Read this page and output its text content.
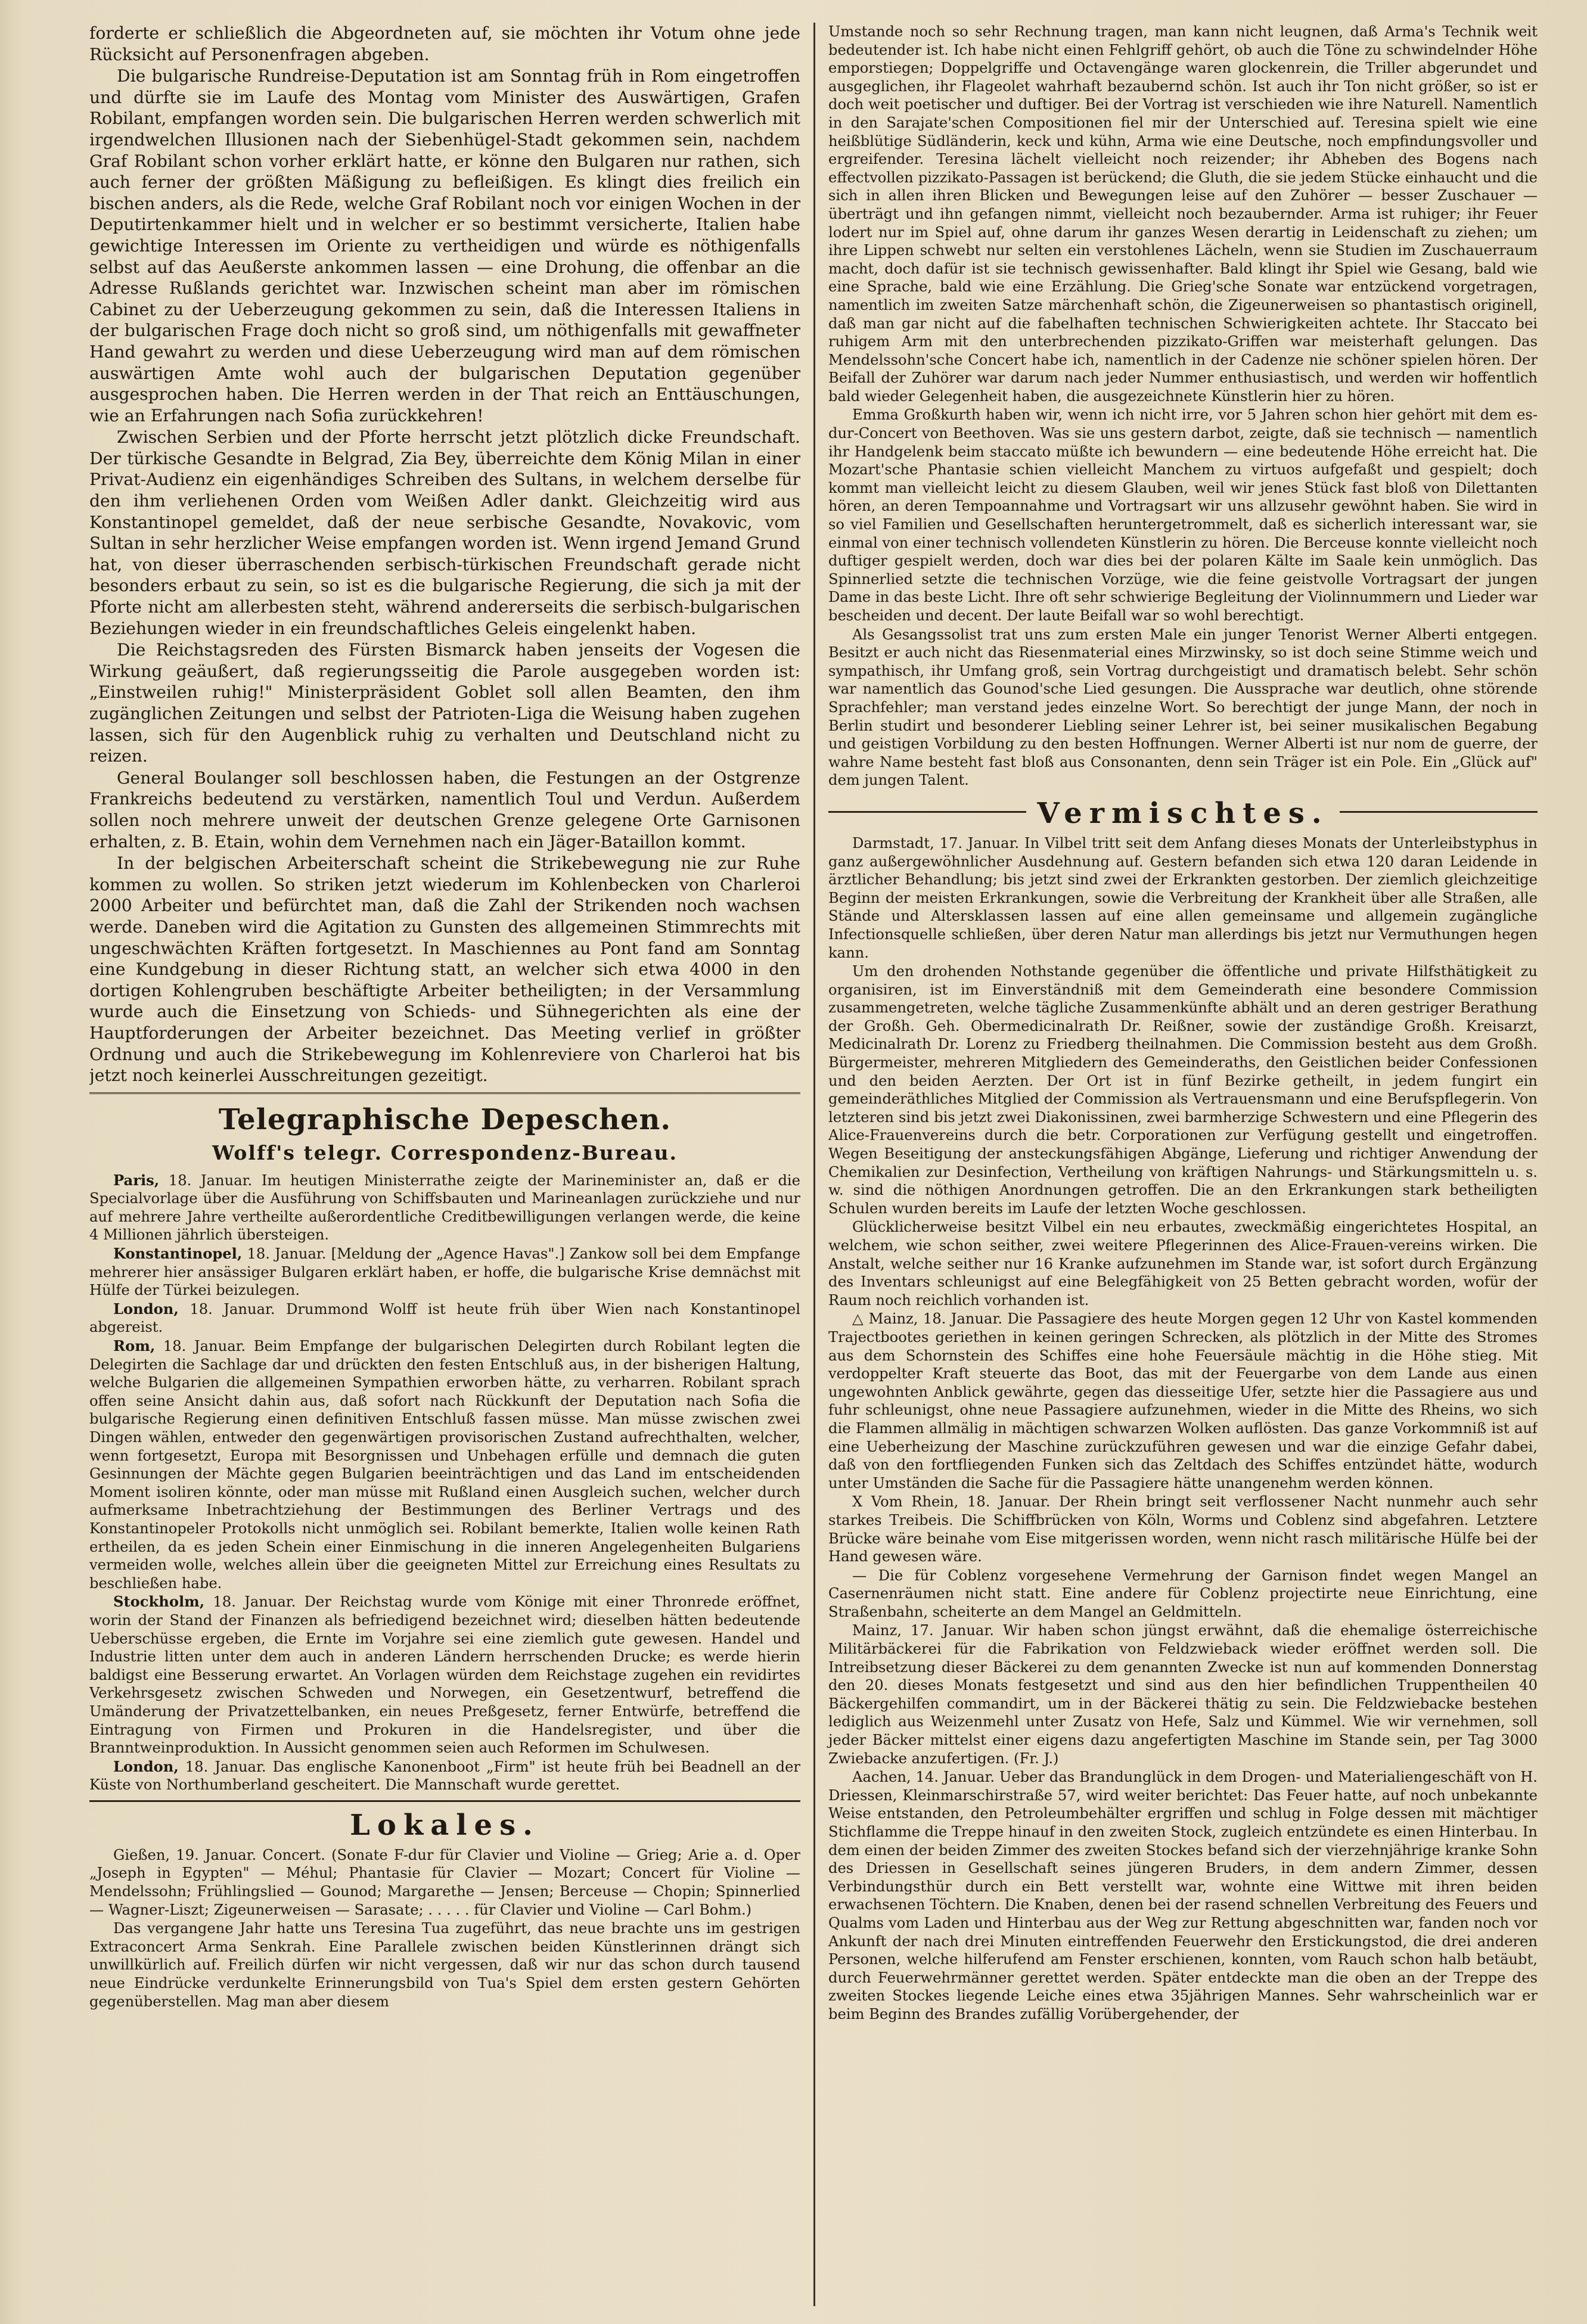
forderte er schließlich die Abgeordneten auf, sie möchten ihr Votum ohne jede Rücksicht auf Personenfragen abgeben.

Die bulgarische Rundreise-Deputation ist am Sonntag früh in Rom eingetroffen und dürfte sie im Laufe des Montag vom Minister des Auswärtigen, Grafen Robilant, empfangen worden sein. Die bulgarischen Herren werden schwerlich mit irgendwelchen Illusionen nach der Siebenhügel-Stadt gekommen sein, nachdem Graf Robilant schon vorher erklärt hatte, er könne den Bulgaren nur rathen, sich auch ferner der größten Mäßigung zu befleißigen. Es klingt dies freilich ein bischen anders, als die Rede, welche Graf Robilant noch vor einigen Wochen in der Deputirtenkammer hielt und in welcher er so bestimmt versicherte, Italien habe gewichtige Interessen im Oriente zu vertheidigen und würde es nöthigenfalls selbst auf das Aeußerste ankommen lassen — eine Drohung, die offenbar an die Adresse Rußlands gerichtet war. Inzwischen scheint man aber im römischen Cabinet zu der Ueberzeugung gekommen zu sein, daß die Interessen Italiens in der bulgarischen Frage doch nicht so groß sind, um nöthigenfalls mit gewaffneter Hand gewahrt zu werden und diese Ueberzeugung wird man auf dem römischen auswärtigen Amte wohl auch der bulgarischen Deputation gegenüber ausgesprochen haben. Die Herren werden in der That reich an Enttäuschungen, wie an Erfahrungen nach Sofia zurückkehren!

Zwischen Serbien und der Pforte herrscht jetzt plötzlich dicke Freundschaft. Der türkische Gesandte in Belgrad, Zia Bey, überreichte dem König Milan in einer Privat-Audienz ein eigenhändiges Schreiben des Sultans, in welchem derselbe für den ihm verliehenen Orden vom Weißen Adler dankt. Gleichzeitig wird aus Konstantinopel gemeldet, daß der neue serbische Gesandte, Novakovic, vom Sultan in sehr herzlicher Weise empfangen worden ist. Wenn irgend Jemand Grund hat, von dieser überraschenden serbisch-türkischen Freundschaft gerade nicht besonders erbaut zu sein, so ist es die bulgarische Regierung, die sich ja mit der Pforte nicht am allerbesten steht, während andererseits die serbisch-bulgarischen Beziehungen wieder in ein freundschaftliches Geleis eingelenkt haben.

Die Reichstagsreden des Fürsten Bismarck haben jenseits der Vogesen die Wirkung geäußert, daß regierungsseitig die Parole ausgegeben worden ist: „Einstweilen ruhig!" Ministerpräsident Goblet soll allen Beamten, den ihm zugänglichen Zeitungen und selbst der Patrioten-Liga die Weisung haben zugehen lassen, sich für den Augenblick ruhig zu verhalten und Deutschland nicht zu reizen.

General Boulanger soll beschlossen haben, die Festungen an der Ostgrenze Frankreichs bedeutend zu verstärken, namentlich Toul und Verdun. Außerdem sollen noch mehrere unweit der deutschen Grenze gelegene Orte Garnisonen erhalten, z. B. Etain, wohin dem Vernehmen nach ein Jäger-Bataillon kommt.

In der belgischen Arbeiterschaft scheint die Strikebewegung nie zur Ruhe kommen zu wollen. So striken jetzt wiederum im Kohlenbecken von Charleroi 2000 Arbeiter und befürchtet man, daß die Zahl der Strikenden noch wachsen werde. Daneben wird die Agitation zu Gunsten des allgemeinen Stimmrechts mit ungeschwächten Kräften fortgesetzt. In Maschiennes au Pont fand am Sonntag eine Kundgebung in dieser Richtung statt, an welcher sich etwa 4000 in den dortigen Kohlengruben beschäftigte Arbeiter betheiligten; in der Versammlung wurde auch die Einsetzung von Schieds- und Sühnegerichten als eine der Hauptforderungen der Arbeiter bezeichnet. Das Meeting verlief in größter Ordnung und auch die Strikebewegung im Kohlenreviere von Charleroi hat bis jetzt noch keinerlei Ausschreitungen gezeitigt.

Telegraphische Depeschen.
Wolff's telegr. Correspondenz-Bureau.

Paris, 18. Januar. Im heutigen Ministerrathe zeigte der Marineminister an, daß er die Specialvorlage über die Ausführung von Schiffsbauten und Marineanlagen zurückziehe und nur auf mehrere Jahre vertheilte außerordentliche Creditbewilligungen verlangen werde, die keine 4 Millionen jährlich übersteigen.

Konstantinopel, 18. Januar. [Meldung der „Agence Havas".] Zankow soll bei dem Empfange mehrerer hier ansässiger Bulgaren erklärt haben, er hoffe, die bulgarische Krise demnächst mit Hülfe der Türkei beizulegen.

London, 18. Januar. Drummond Wolff ist heute früh über Wien nach Konstantinopel abgereist.

Rom, 18. Januar. Beim Empfange der bulgarischen Delegirten durch Robilant legten die Delegirten die Sachlage dar und drückten den festen Entschluß aus, in der bisherigen Haltung, welche Bulgarien die allgemeinen Sympathien erworben hätte, zu verharren. Robilant sprach offen seine Ansicht dahin aus, daß sofort nach Rückkunft der Deputation nach Sofia die bulgarische Regierung einen definitiven Entschluß fassen müsse. Man müsse zwischen zwei Dingen wählen, entweder den gegenwärtigen provisorischen Zustand aufrechthalten, welcher, wenn fortgesetzt, Europa mit Besorgnissen und Unbehagen erfülle und demnach die guten Gesinnungen der Mächte gegen Bulgarien beeinträchtigen und das Land im entscheidenden Moment isoliren könnte, oder man müsse mit Rußland einen Ausgleich suchen, welcher durch aufmerksame Inbetrachtziehung der Bestimmungen des Berliner Vertrags und des Konstantinopeler Protokolls nicht unmöglich sei. Robilant bemerkte, Italien wolle keinen Rath ertheilen, da es jeden Schein einer Einmischung in die inneren Angelegenheiten Bulgariens vermeiden wolle, welches allein über die geeigneten Mittel zur Erreichung eines Resultats zu beschließen habe.

Stockholm, 18. Januar. Der Reichstag wurde vom Könige mit einer Thronrede eröffnet, worin der Stand der Finanzen als befriedigend bezeichnet wird; dieselben hätten bedeutende Ueberschüsse ergeben, die Ernte im Vorjahre sei eine ziemlich gute gewesen. Handel und Industrie litten unter dem auch in anderen Ländern herrschenden Drucke; es werde hierin baldigst eine Besserung erwartet. An Vorlagen würden dem Reichstage zugehen ein revidirtes Verkehrsgesetz zwischen Schweden und Norwegen, ein Gesetzentwurf, betreffend die Umänderung der Privatzettelbanken, ein neues Preßgesetz, ferner Entwürfe, betreffend die Eintragung von Firmen und Prokuren in die Handelsregister, und über die Branntweinproduktion. In Aussicht genommen seien auch Reformen im Schulwesen.

London, 18. Januar. Das englische Kanonenboot „Firm" ist heute früh bei Beadnell an der Küste von Northumberland gescheitert. Die Mannschaft wurde gerettet.

Lokales.

Gießen, 19. Januar. Concert. (Sonate F-dur für Clavier und Violine — Grieg; Arie a. d. Oper „Joseph in Egypten" — Méhul; Phantasie für Clavier — Mozart; Concert für Violine — Mendelssohn; Frühlingslied — Gounod; Margarethe — Jensen; Berceuse — Chopin; Spinnerlied — Wagner-Liszt; Zigeunerweisen — Sarasate; . . . . . für Clavier und Violine — Carl Bohm.)

Das vergangene Jahr hatte uns Teresina Tua zugeführt, das neue brachte uns im gestrigen Extraconcert Arma Senkrah. Eine Parallele zwischen beiden Künstlerinnen drängt sich unwillkürlich auf. Freilich dürfen wir nicht vergessen, daß wir nur das schon durch tausend neue Eindrücke verdunkelte Erinnerungsbild von Tua's Spiel dem ersten gestern Gehörten gegenüberstellen. Mag man aber diesem

Umstande noch so sehr Rechnung tragen, man kann nicht leugnen, daß Arma's Technik weit bedeutender ist. Ich habe nicht einen Fehlgriff gehört, ob auch die Töne zu schwindelnder Höhe emporstiegen; Doppelgriffe und Octavengänge waren glockenrein, die Triller abgerundet und ausgeglichen, ihr Flageolet wahrhaft bezaubernd schön. Ist auch ihr Ton nicht größer, so ist er doch weit poetischer und duftiger. Bei der Vortrag ist verschieden wie ihre Naturell. Namentlich in den Sarajate'schen Compositionen fiel mir der Unterschied auf. Teresina spielt wie eine heißblütige Südländerin, keck und kühn, Arma wie eine Deutsche, noch empfindungsvoller und ergreifender. Teresina lächelt vielleicht noch reizender; ihr Abheben des Bogens nach effectvollen pizzikato-Passagen ist berückend; die Gluth, die sie jedem Stücke einhaucht und die sich in allen ihren Blicken und Bewegungen leise auf den Zuhörer — besser Zuschauer — überträgt und ihn gefangen nimmt, vielleicht noch bezaubernder. Arma ist ruhiger; ihr Feuer lodert nur im Spiel auf, ohne darum ihr ganzes Wesen derartig in Leidenschaft zu ziehen; um ihre Lippen schwebt nur selten ein verstohlenes Lächeln, wenn sie Studien im Zuschauerraum macht, doch dafür ist sie technisch gewissenhafter. Bald klingt ihr Spiel wie Gesang, bald wie eine Sprache, bald wie eine Erzählung. Die Grieg'sche Sonate war entzückend vorgetragen, namentlich im zweiten Satze märchenhaft schön, die Zigeunerweisen so phantastisch originell, daß man gar nicht auf die fabelhaften technischen Schwierigkeiten achtete. Ihr Staccato bei ruhigem Arm mit den unterbrechenden pizzikato-Griffen war meisterhaft gelungen. Das Mendelssohn'sche Concert habe ich, namentlich in der Cadenze nie schöner spielen hören. Der Beifall der Zuhörer war darum nach jeder Nummer enthusiastisch, und werden wir hoffentlich bald wieder Gelegenheit haben, die ausgezeichnete Künstlerin hier zu hören.

Emma Großkurth haben wir, wenn ich nicht irre, vor 5 Jahren schon hier gehört mit dem es-dur-Concert von Beethoven. Was sie uns gestern darbot, zeigte, daß sie technisch — namentlich ihr Handgelenk beim staccato müßte ich bewundern — eine bedeutende Höhe erreicht hat. Die Mozart'sche Phantasie schien vielleicht Manchem zu virtuos aufgefaßt und gespielt; doch kommt man vielleicht leicht zu diesem Glauben, weil wir jenes Stück fast bloß von Dilettanten hören, an deren Tempoannahme und Vortragsart wir uns allzusehr gewöhnt haben. Sie wird in so viel Familien und Gesellschaften heruntergetrommelt, daß es sicherlich interessant war, sie einmal von einer technisch vollendeten Künstlerin zu hören. Die Berceuse konnte vielleicht noch duftiger gespielt werden, doch war dies bei der polaren Kälte im Saale kein unmöglich. Das Spinnerlied setzte die technischen Vorzüge, wie die feine geistvolle Vortragsart der jungen Dame in das beste Licht. Ihre oft sehr schwierige Begleitung der Violinnummern und Lieder war bescheiden und decent. Der laute Beifall war so wohl berechtigt.

Als Gesangssolist trat uns zum ersten Male ein junger Tenorist Werner Alberti entgegen. Besitzt er auch nicht das Riesenmaterial eines Mirzwinsky, so ist doch seine Stimme weich und sympathisch, ihr Umfang groß, sein Vortrag durchgeistigt und dramatisch belebt. Sehr schön war namentlich das Gounod'sche Lied gesungen. Die Aussprache war deutlich, ohne störende Sprachfehler; man verstand jedes einzelne Wort. So berechtigt der junge Mann, der noch in Berlin studirt und besonderer Liebling seiner Lehrer ist, bei seiner musikalischen Begabung und geistigen Vorbildung zu den besten Hoffnungen. Werner Alberti ist nur nom de guerre, der wahre Name besteht fast bloß aus Consonanten, denn sein Träger ist ein Pole. Ein „Glück auf" dem jungen Talent.

Vermischtes.

Darmstadt, 17. Januar. In Vilbel tritt seit dem Anfang dieses Monats der Unterleibstyphus in ganz außergewöhnlicher Ausdehnung auf. Gestern befanden sich etwa 120 daran Leidende in ärztlicher Behandlung; bis jetzt sind zwei der Erkrankten gestorben. Der ziemlich gleichzeitige Beginn der meisten Erkrankungen, sowie die Verbreitung der Krankheit über alle Straßen, alle Stände und Altersklassen lassen auf eine allen gemeinsame und allgemein zugängliche Infectionsquelle schließen, über deren Natur man allerdings bis jetzt nur Vermuthungen hegen kann.

Um den drohenden Nothstande gegenüber die öffentliche und private Hilfsthätigkeit zu organisiren, ist im Einverständniß mit dem Gemeinderath eine besondere Commission zusammengetreten, welche tägliche Zusammenkünfte abhält und an deren gestriger Berathung der Großh. Geh. Obermedicinalrath Dr. Reißner, sowie der zuständige Großh. Kreisarzt, Medicinalrath Dr. Lorenz zu Friedberg theilnahmen. Die Commission besteht aus dem Großh. Bürgermeister, mehreren Mitgliedern des Gemeinderaths, den Geistlichen beider Confessionen und den beiden Aerzten. Der Ort ist in fünf Bezirke getheilt, in jedem fungirt ein gemeinderäthliches Mitglied der Commission als Vertrauensmann und eine Berufspflegerin. Von letzteren sind bis jetzt zwei Diakonissinen, zwei barmherzige Schwestern und eine Pflegerin des Alice-Frauenvereins durch die betr. Corporationen zur Verfügung gestellt und eingetroffen. Wegen Beseitigung der ansteckungsfähigen Abgänge, Lieferung und richtiger Anwendung der Chemikalien zur Desinfection, Vertheilung von kräftigen Nahrungs- und Stärkungsmitteln u. s. w. sind die nöthigen Anordnungen getroffen. Die an den Erkrankungen stark betheiligten Schulen wurden bereits im Laufe der letzten Woche geschlossen.

Glücklicherweise besitzt Vilbel ein neu erbautes, zweckmäßig eingerichtetes Hospital, an welchem, wie schon seither, zwei weitere Pflegerinnen des Alice-Frauen-vereins wirken. Die Anstalt, welche seither nur 16 Kranke aufzunehmen im Stande war, ist sofort durch Ergänzung des Inventars schleunigst auf eine Belegfähigkeit von 25 Betten gebracht worden, wofür der Raum noch reichlich vorhanden ist.

△ Mainz, 18. Januar. Die Passagiere des heute Morgen gegen 12 Uhr von Kastel kommenden Trajectbootes geriethen in keinen geringen Schrecken, als plötzlich in der Mitte des Stromes aus dem Schornstein des Schiffes eine hohe Feuersäule mächtig in die Höhe stieg. Mit verdoppelter Kraft steuerte das Boot, das mit der Feuergarbe von dem Lande aus einen ungewohnten Anblick gewährte, gegen das diesseitige Ufer, setzte hier die Passagiere aus und fuhr schleunigst, ohne neue Passagiere aufzunehmen, wieder in die Mitte des Rheins, wo sich die Flammen allmälig in mächtigen schwarzen Wolken auflösten. Das ganze Vorkommniß ist auf eine Ueberheizung der Maschine zurückzuführen gewesen und war die einzige Gefahr dabei, daß von den fortfliegenden Funken sich das Zeltdach des Schiffes entzündet hätte, wodurch unter Umständen die Sache für die Passagiere hätte unangenehm werden können.

X Vom Rhein, 18. Januar. Der Rhein bringt seit verflossener Nacht nunmehr auch sehr starkes Treibeis. Die Schiffbrücken von Köln, Worms und Coblenz sind abgefahren. Letztere Brücke wäre beinahe vom Eise mitgerissen worden, wenn nicht rasch militärische Hülfe bei der Hand gewesen wäre.

— Die für Coblenz vorgesehene Vermehrung der Garnison findet wegen Mangel an Casernenräumen nicht statt. Eine andere für Coblenz projectirte neue Einrichtung, eine Straßenbahn, scheiterte an dem Mangel an Geldmitteln.

Mainz, 17. Januar. Wir haben schon jüngst erwähnt, daß die ehemalige österreichische Militärbäckerei für die Fabrikation von Feldzwieback wieder eröffnet werden soll. Die Intreibsetzung dieser Bäckerei zu dem genannten Zwecke ist nun auf kommenden Donnerstag den 20. dieses Monats festgesetzt und sind aus den hier befindlichen Truppentheilen 40 Bäckergehilfen commandirt, um in der Bäckerei thätig zu sein. Die Feldzwiebacke bestehen lediglich aus Weizenmehl unter Zusatz von Hefe, Salz und Kümmel. Wie wir vernehmen, soll jeder Bäcker mittelst einer eigens dazu angefertigten Maschine im Stande sein, per Tag 3000 Zwiebacke anzufertigen. (Fr. J.)

Aachen, 14. Januar. Ueber das Brandunglück in dem Drogen- und Materialiengeschäft von H. Driessen, Kleinmarschirstraße 57, wird weiter berichtet: Das Feuer hatte, auf noch unbekannte Weise entstanden, den Petroleumbehälter ergriffen und schlug in Folge dessen mit mächtiger Stichflamme die Treppe hinauf in den zweiten Stock, zugleich entzündete es einen Hinterbau. In dem einen der beiden Zimmer des zweiten Stockes befand sich der vierzehnjährige kranke Sohn des Driessen in Gesellschaft seines jüngeren Bruders, in dem andern Zimmer, dessen Verbindungsthür durch ein Bett verstellt war, wohnte eine Wittwe mit ihren beiden erwachsenen Töchtern. Die Knaben, denen bei der rasend schnellen Verbreitung des Feuers und Qualms vom Laden und Hinterbau aus der Weg zur Rettung abgeschnitten war, fanden noch vor Ankunft der nach drei Minuten eintreffenden Feuerwehr den Erstickungstod, die drei anderen Personen, welche hilferufend am Fenster erschienen, konnten, vom Rauch schon halb betäubt, durch Feuerwehrmänner gerettet werden. Später entdeckte man die oben an der Treppe des zweiten Stockes liegende Leiche eines etwa 35jährigen Mannes. Sehr wahrscheinlich war er beim Beginn des Brandes zufällig Vorübergehender, der
